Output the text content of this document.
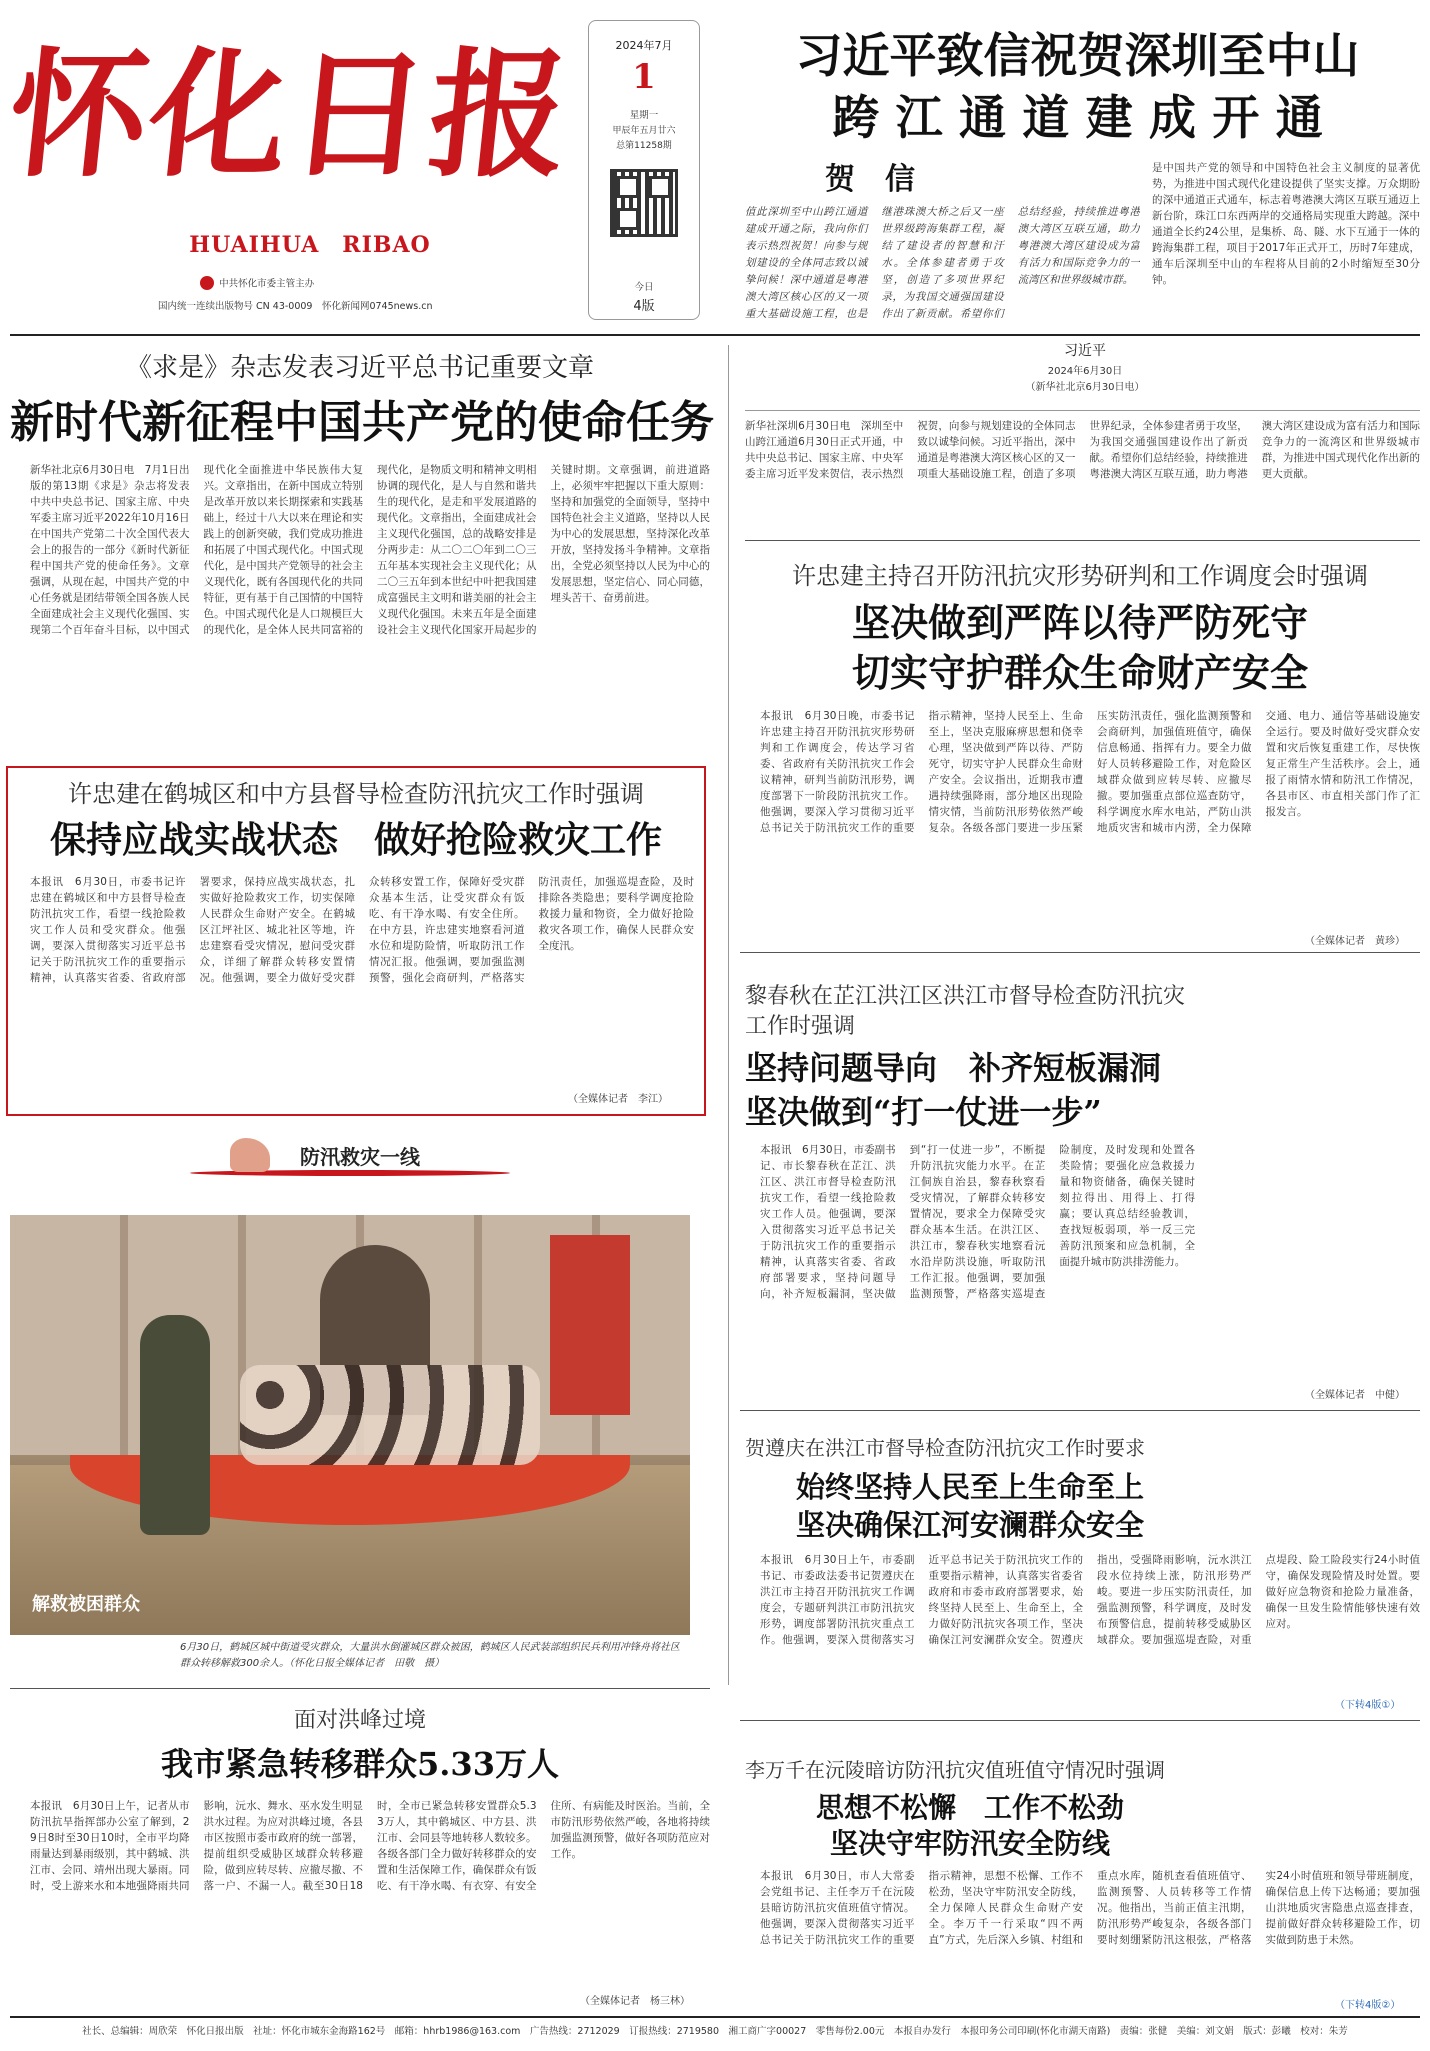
怀化日报
HUAIHUA　RIBAO
中共怀化市委主管主办
国内统一连续出版物号 CN 43-0009　怀化新闻网0745news.cn
2024年7月
1
星期一
甲辰年五月廿六
总第11258期
今日
4版
习近平致信祝贺深圳至中山
跨 江 通 道 建 成 开 通
贺　信
值此深圳至中山跨江通道建成开通之际，我向你们表示热烈祝贺！向参与规划建设的全体同志致以诚挚问候！深中通道是粤港澳大湾区核心区的又一项重大基础设施工程，也是继港珠澳大桥之后又一座世界级跨海集群工程，凝结了建设者的智慧和汗水。全体参建者勇于攻坚，创造了多项世界纪录，为我国交通强国建设作出了新贡献。希望你们总结经验，持续推进粤港澳大湾区互联互通，助力粤港澳大湾区建设成为富有活力和国际竞争力的一流湾区和世界级城市群。
习近平
2024年6月30日
（新华社北京6月30日电）
是中国共产党的领导和中国特色社会主义制度的显著优势，为推进中国式现代化建设提供了坚实支撑。万众期盼的深中通道正式通车，标志着粤港澳大湾区互联互通迈上新台阶，珠江口东西两岸的交通格局实现重大跨越。深中通道全长约24公里，是集桥、岛、隧、水下互通于一体的跨海集群工程，项目于2017年正式开工，历时7年建成，通车后深圳至中山的车程将从目前的2小时缩短至30分钟。
新华社深圳6月30日电　深圳至中山跨江通道6月30日正式开通，中共中央总书记、国家主席、中央军委主席习近平发来贺信，表示热烈祝贺，向参与规划建设的全体同志致以诚挚问候。习近平指出，深中通道是粤港澳大湾区核心区的又一项重大基础设施工程，创造了多项世界纪录，全体参建者勇于攻坚，为我国交通强国建设作出了新贡献。希望你们总结经验，持续推进粤港澳大湾区互联互通，助力粤港澳大湾区建设成为富有活力和国际竞争力的一流湾区和世界级城市群，为推进中国式现代化作出新的更大贡献。
《求是》杂志发表习近平总书记重要文章
新时代新征程中国共产党的使命任务
新华社北京6月30日电　7月1日出版的第13期《求是》杂志将发表中共中央总书记、国家主席、中央军委主席习近平2022年10月16日在中国共产党第二十次全国代表大会上的报告的一部分《新时代新征程中国共产党的使命任务》。文章强调，从现在起，中国共产党的中心任务就是团结带领全国各族人民全面建成社会主义现代化强国、实现第二个百年奋斗目标，以中国式现代化全面推进中华民族伟大复兴。文章指出，在新中国成立特别是改革开放以来长期探索和实践基础上，经过十八大以来在理论和实践上的创新突破，我们党成功推进和拓展了中国式现代化。中国式现代化，是中国共产党领导的社会主义现代化，既有各国现代化的共同特征，更有基于自己国情的中国特色。中国式现代化是人口规模巨大的现代化，是全体人民共同富裕的现代化，是物质文明和精神文明相协调的现代化，是人与自然和谐共生的现代化，是走和平发展道路的现代化。文章指出，全面建成社会主义现代化强国，总的战略安排是分两步走：从二〇二〇年到二〇三五年基本实现社会主义现代化；从二〇三五年到本世纪中叶把我国建成富强民主文明和谐美丽的社会主义现代化强国。未来五年是全面建设社会主义现代化国家开局起步的关键时期。文章强调，前进道路上，必须牢牢把握以下重大原则：坚持和加强党的全面领导，坚持中国特色社会主义道路，坚持以人民为中心的发展思想，坚持深化改革开放，坚持发扬斗争精神。文章指出，全党必须坚持以人民为中心的发展思想，坚定信心、同心同德，埋头苦干、奋勇前进。
许忠建在鹤城区和中方县督导检查防汛抗灾工作时强调
保持应战实战状态　做好抢险救灾工作
本报讯　6月30日，市委书记许忠建在鹤城区和中方县督导检查防汛抗灾工作，看望一线抢险救灾工作人员和受灾群众。他强调，要深入贯彻落实习近平总书记关于防汛抗灾工作的重要指示精神，认真落实省委、省政府部署要求，保持应战实战状态，扎实做好抢险救灾工作，切实保障人民群众生命财产安全。在鹤城区江坪社区、城北社区等地，许忠建察看受灾情况，慰问受灾群众，详细了解群众转移安置情况。他强调，要全力做好受灾群众转移安置工作，保障好受灾群众基本生活，让受灾群众有饭吃、有干净水喝、有安全住所。在中方县，许忠建实地察看河道水位和堤防险情，听取防汛工作情况汇报。他强调，要加强监测预警，强化会商研判，严格落实防汛责任，加强巡堤查险，及时排除各类隐患；要科学调度抢险救援力量和物资，全力做好抢险救灾各项工作，确保人民群众安全度汛。
（全媒体记者　李江）
防汛救灾一线
解救被困群众
6月30日，鹤城区城中街道受灾群众，大量洪水倒灌城区群众被困，鹤城区人民武装部组织民兵利用冲锋舟将社区群众转移解救300余人。（怀化日报全媒体记者　田敬　摄）
面对洪峰过境
我市紧急转移群众5.33万人
本报讯　6月30日上午，记者从市防汛抗旱指挥部办公室了解到，29日8时至30日10时，全市平均降雨量达到暴雨级别，其中鹤城、洪江市、会同、靖州出现大暴雨。同时，受上游来水和本地强降雨共同影响，沅水、舞水、巫水发生明显洪水过程。为应对洪峰过境，各县市区按照市委市政府的统一部署，提前组织受威胁区域群众转移避险，做到应转尽转、应撤尽撤、不落一户、不漏一人。截至30日18时，全市已紧急转移安置群众5.33万人，其中鹤城区、中方县、洪江市、会同县等地转移人数较多。各级各部门全力做好转移群众的安置和生活保障工作，确保群众有饭吃、有干净水喝、有衣穿、有安全住所、有病能及时医治。当前，全市防汛形势依然严峻，各地将持续加强监测预警，做好各项防范应对工作。
（全媒体记者　杨三林）
许忠建主持召开防汛抗灾形势研判和工作调度会时强调
坚决做到严阵以待严防死守
切实守护群众生命财产安全
本报讯　6月30日晚，市委书记许忠建主持召开防汛抗灾形势研判和工作调度会，传达学习省委、省政府有关防汛抗灾工作会议精神，研判当前防汛形势，调度部署下一阶段防汛抗灾工作。他强调，要深入学习贯彻习近平总书记关于防汛抗灾工作的重要指示精神，坚持人民至上、生命至上，坚决克服麻痹思想和侥幸心理，坚决做到严阵以待、严防死守，切实守护人民群众生命财产安全。会议指出，近期我市遭遇持续强降雨，部分地区出现险情灾情，当前防汛形势依然严峻复杂。各级各部门要进一步压紧压实防汛责任，强化监测预警和会商研判，加强值班值守，确保信息畅通、指挥有力。要全力做好人员转移避险工作，对危险区域群众做到应转尽转、应撤尽撤。要加强重点部位巡查防守，科学调度水库水电站，严防山洪地质灾害和城市内涝，全力保障交通、电力、通信等基础设施安全运行。要及时做好受灾群众安置和灾后恢复重建工作，尽快恢复正常生产生活秩序。会上，通报了雨情水情和防汛工作情况，各县市区、市直相关部门作了汇报发言。
（全媒体记者　黄珍）
黎春秋在芷江洪江区洪江市督导检查防汛抗灾工作时强调
坚持问题导向　补齐短板漏洞
坚决做到“打一仗进一步”
本报讯　6月30日，市委副书记、市长黎春秋在芷江、洪江区、洪江市督导检查防汛抗灾工作，看望一线抢险救灾工作人员。他强调，要深入贯彻落实习近平总书记关于防汛抗灾工作的重要指示精神，认真落实省委、省政府部署要求，坚持问题导向，补齐短板漏洞，坚决做到“打一仗进一步”，不断提升防汛抗灾能力水平。在芷江侗族自治县，黎春秋察看受灾情况，了解群众转移安置情况，要求全力保障受灾群众基本生活。在洪江区、洪江市，黎春秋实地察看沅水沿岸防洪设施，听取防汛工作汇报。他强调，要加强监测预警，严格落实巡堤查险制度，及时发现和处置各类险情；要强化应急救援力量和物资储备，确保关键时刻拉得出、用得上、打得赢；要认真总结经验教训，查找短板弱项，举一反三完善防汛预案和应急机制，全面提升城市防洪排涝能力。
（全媒体记者　中健）
贺遵庆在洪江市督导检查防汛抗灾工作时要求
始终坚持人民至上生命至上
坚决确保江河安澜群众安全
本报讯　6月30日上午，市委副书记、市委政法委书记贺遵庆在洪江市主持召开防汛抗灾工作调度会，专题研判洪江市防汛抗灾形势，调度部署防汛抗灾重点工作。他强调，要深入贯彻落实习近平总书记关于防汛抗灾工作的重要指示精神，认真落实省委省政府和市委市政府部署要求，始终坚持人民至上、生命至上，全力做好防汛抗灾各项工作，坚决确保江河安澜群众安全。贺遵庆指出，受强降雨影响，沅水洪江段水位持续上涨，防汛形势严峻。要进一步压实防汛责任，加强监测预警，科学调度，及时发布预警信息，提前转移受威胁区域群众。要加强巡堤查险，对重点堤段、险工险段实行24小时值守，确保发现险情及时处置。要做好应急物资和抢险力量准备，确保一旦发生险情能够快速有效应对。
（下转4版①）
李万千在沅陵暗访防汛抗灾值班值守情况时强调
思想不松懈　工作不松劲
坚决守牢防汛安全防线
本报讯　6月30日，市人大常委会党组书记、主任李万千在沅陵县暗访防汛抗灾值班值守情况。他强调，要深入贯彻落实习近平总书记关于防汛抗灾工作的重要指示精神，思想不松懈、工作不松劲，坚决守牢防汛安全防线，全力保障人民群众生命财产安全。李万千一行采取“四不两直”方式，先后深入乡镇、村组和重点水库，随机查看值班值守、监测预警、人员转移等工作情况。他指出，当前正值主汛期，防汛形势严峻复杂，各级各部门要时刻绷紧防汛这根弦，严格落实24小时值班和领导带班制度，确保信息上传下达畅通；要加强山洪地质灾害隐患点巡查排查，提前做好群众转移避险工作，切实做到防患于未然。
（下转4版②）
社长、总编辑：周欣荣　怀化日报出版　社址：怀化市城东金海路162号　邮箱：hhrb1986@163.com　广告热线：2712029　订报热线：2719580　湘工商广字00027　零售每份2.00元　本报自办发行　本报印务公司印刷(怀化市湖天南路)　责编：张健　美编：刘文娟　版式：彭曦　校对：朱芳
